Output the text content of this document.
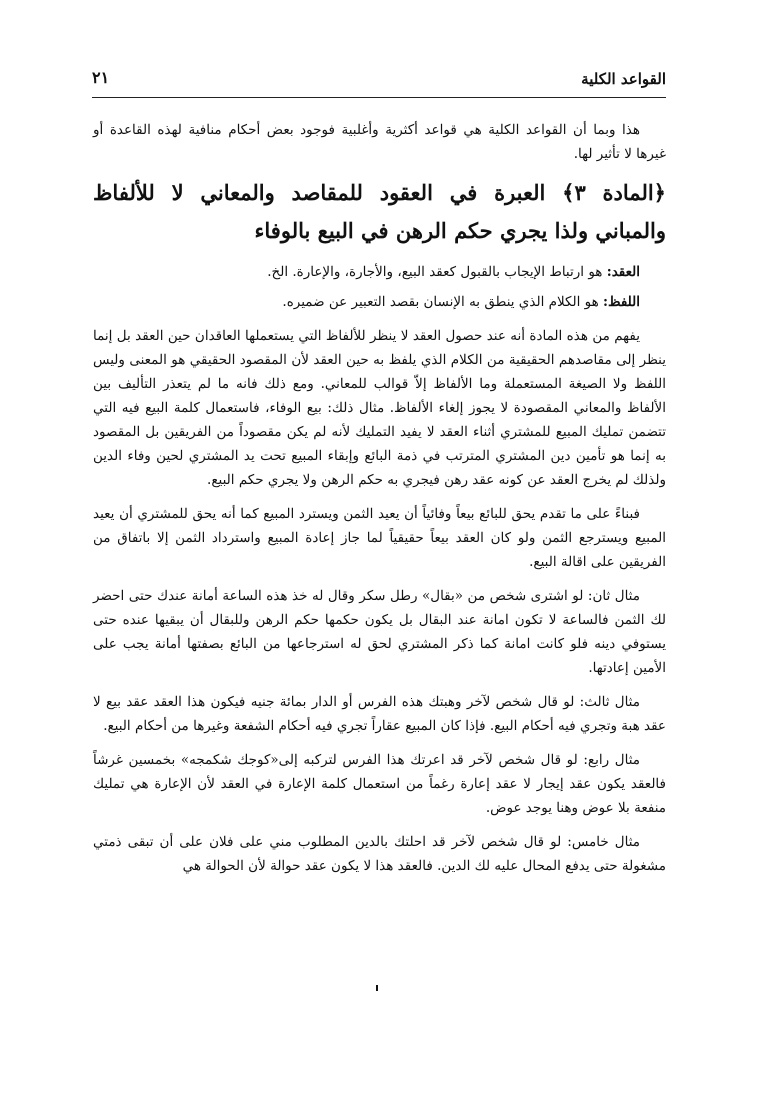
القواعد الكلية
٢١

هذا وبما أن القواعد الكلية هي قواعد أكثرية وأغلبية فوجود بعض أحكام منافية لهذه القاعدة أو غيرها لا تأثير لها.

﴿المادة ٣﴾ العبرة في العقود للمقاصد والمعاني لا للألفاظ والمباني ولذا يجري حكم الرهن في البيع بالوفاء

العقد: هو ارتباط الإيجاب بالقبول كعقد البيع، والأجارة، والإعارة. الخ.

اللفظ: هو الكلام الذي ينطق به الإنسان بقصد التعبير عن ضميره.

يفهم من هذه المادة أنه عند حصول العقد لا ينظر للألفاظ التي يستعملها العاقدان حين العقد بل إنما ينظر إلى مقاصدهم الحقيقية من الكلام الذي يلفظ به حين العقد لأن المقصود الحقيقي هو المعنى وليس اللفظ ولا الصيغة المستعملة وما الألفاظ إلاّ قوالب للمعاني. ومع ذلك فانه ما لم يتعذر التأليف بين الألفاظ والمعاني المقصودة لا يجوز إلغاء الألفاظ. مثال ذلك: بيع الوفاء، فاستعمال كلمة البيع فيه التي تتضمن تمليك المبيع للمشتري أثناء العقد لا يفيد التمليك لأنه لم يكن مقصوداً من الفريقين بل المقصود به إنما هو تأمين دين المشتري المترتب في ذمة البائع وإبقاء المبيع تحت يد المشتري لحين وفاء الدين ولذلك لم يخرج العقد عن كونه عقد رهن فيجري به حكم الرهن ولا يجري حكم البيع.

فبناءً على ما تقدم يحق للبائع بيعاً وفائياً أن يعيد الثمن ويسترد المبيع كما أنه يحق للمشتري أن يعيد المبيع ويسترجع الثمن ولو كان العقد بيعاً حقيقياً لما جاز إعادة المبيع واسترداد الثمن إلا باتفاق من الفريقين على اقالة البيع.

مثال ثان: لو اشترى شخص من «بقال» رطل سكر وقال له خذ هذه الساعة أمانة عندك حتى احضر لك الثمن فالساعة لا تكون امانة عند البقال بل يكون حكمها حكم الرهن وللبقال أن يبقيها عنده حتى يستوفي دينه فلو كانت امانة كما ذكر المشتري لحق له استرجاعها من البائع بصفتها أمانة يجب على الأمين إعادتها.

مثال ثالث: لو قال شخص لآخر وهبتك هذه الفرس أو الدار بمائة جنيه فيكون هذا العقد عقد بيع لا عقد هبة وتجري فيه أحكام البيع. فإذا كان المبيع عقاراً تجري فيه أحكام الشفعة وغيرها من أحكام البيع.

مثال رابع: لو قال شخص لآخر قد اعرتك هذا الفرس لتركبه إلى«كوجك شكمجه» بخمسين غرشاً فالعقد يكون عقد إيجار لا عقد إعارة رغماً من استعمال كلمة الإعارة في العقد لأن الإعارة هي تمليك منفعة بلا عوض وهنا يوجد عوض.

مثال خامس: لو قال شخص لآخر قد احلتك بالدين المطلوب مني على فلان على أن تبقى ذمتي مشغولة حتى يدفع المحال عليه لك الدين. فالعقد هذا لا يكون عقد حوالة لأن الحوالة هي
